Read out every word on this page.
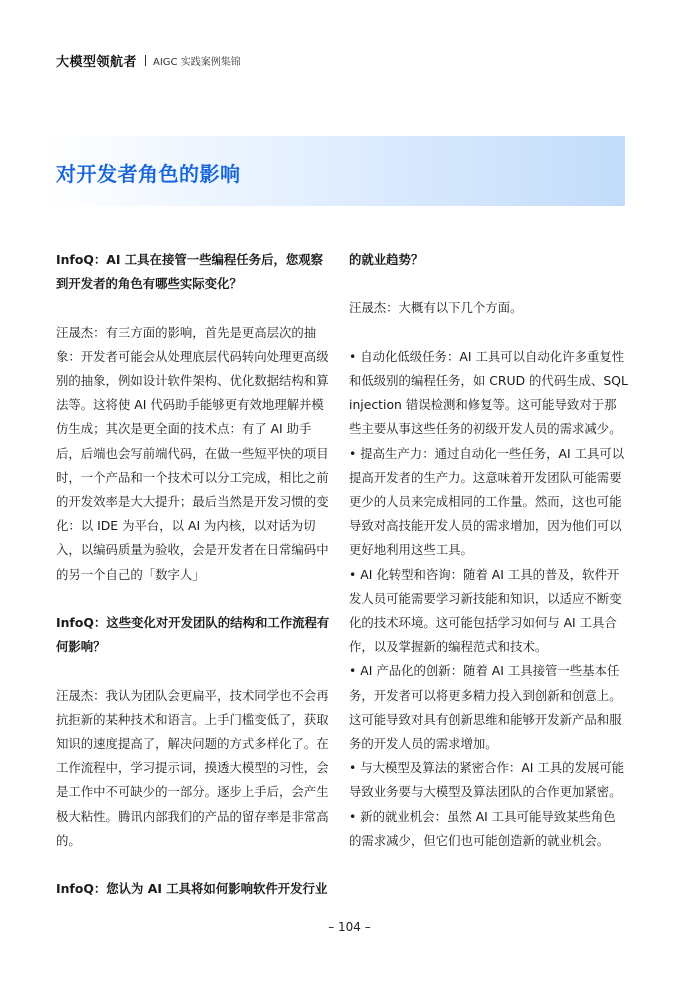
大模型领航者 AIGC 实践案例集锦
对开发者角色的影响

InfoQ：AI 工具在接管一些编程任务后，您观察到开发者的角色有哪些实际变化？

汪晟杰：有三方面的影响，首先是更高层次的抽象：开发者可能会从处理底层代码转向处理更高级别的抽象，例如设计软件架构、优化数据结构和算法等。这将使 AI 代码助手能够更有效地理解并模仿生成；其次是更全面的技术点：有了 AI 助手后，后端也会写前端代码，在做一些短平快的项目时，一个产品和一个技术可以分工完成，相比之前的开发效率是大大提升；最后当然是开发习惯的变化：以 IDE 为平台，以 AI 为内核，以对话为切入，以编码质量为验收，会是开发者在日常编码中的另一个自己的「数字人」

InfoQ：这些变化对开发团队的结构和工作流程有何影响？

汪晟杰：我认为团队会更扁平，技术同学也不会再抗拒新的某种技术和语言。上手门槛变低了，获取知识的速度提高了，解决问题的方式多样化了。在工作流程中，学习提示词，摸透大模型的习性，会是工作中不可缺少的一部分。逐步上手后，会产生极大粘性。腾讯内部我们的产品的留存率是非常高的。

InfoQ：您认为 AI 工具将如何影响软件开发行业

的就业趋势？

汪晟杰：大概有以下几个方面。

• 自动化低级任务：AI 工具可以自动化许多重复性和低级别的编程任务，如 CRUD 的代码生成、SQL injection 错误检测和修复等。这可能导致对于那些主要从事这些任务的初级开发人员的需求减少。

• 提高生产力：通过自动化一些任务，AI 工具可以提高开发者的生产力。这意味着开发团队可能需要更少的人员来完成相同的工作量。然而，这也可能导致对高技能开发人员的需求增加，因为他们可以更好地利用这些工具。

• AI 化转型和咨询：随着 AI 工具的普及，软件开发人员可能需要学习新技能和知识，以适应不断变化的技术环境。这可能包括学习如何与 AI 工具合作，以及掌握新的编程范式和技术。

• AI 产品化的创新：随着 AI 工具接管一些基本任务，开发者可以将更多精力投入到创新和创意上。这可能导致对具有创新思维和能够开发新产品和服务的开发人员的需求增加。

• 与大模型及算法的紧密合作：AI 工具的发展可能导致业务要与大模型及算法团队的合作更加紧密。

• 新的就业机会：虽然 AI 工具可能导致某些角色的需求减少，但它们也可能创造新的就业机会。

– 104 –
